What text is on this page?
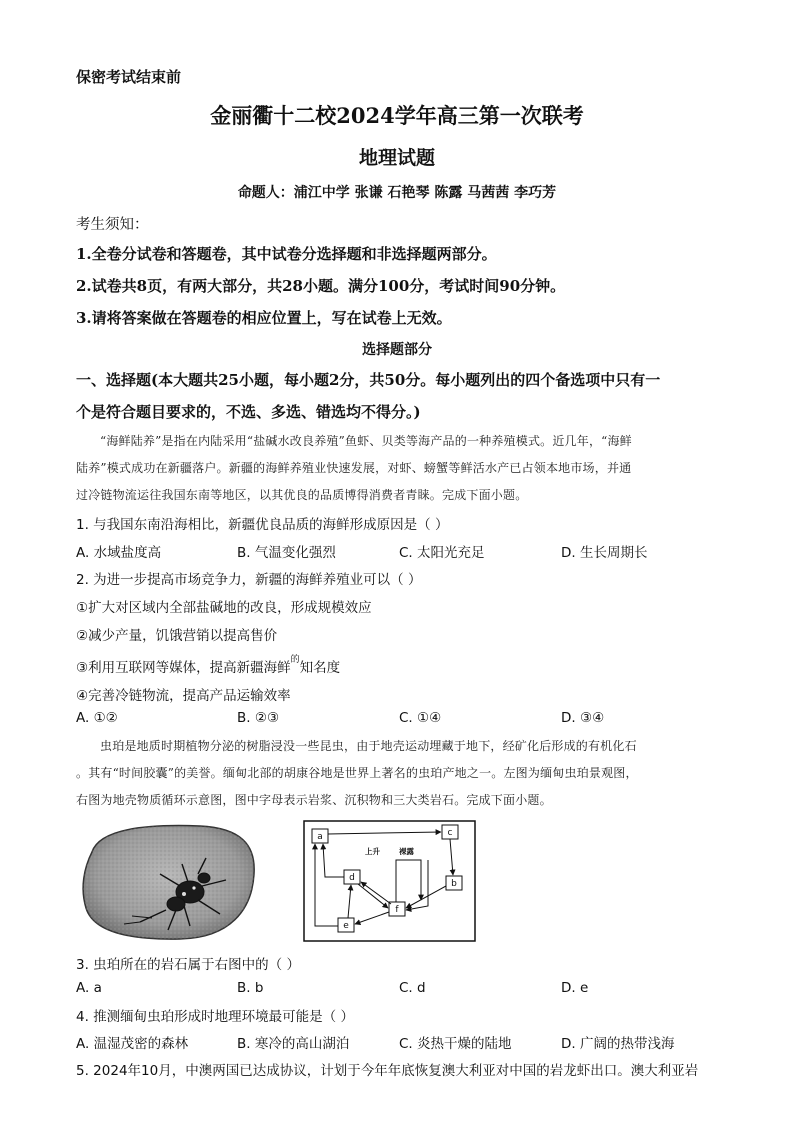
保密考试结束前
金丽衢十二校2024学年高三第一次联考
地理试题
命题人：浦江中学 张谦 石艳琴 陈露 马茜茜 李巧芳
考生须知：
1.全卷分试卷和答题卷，其中试卷分选择题和非选择题两部分。
2.试卷共8页，有两大部分，共28小题。满分100分，考试时间90分钟。
3.请将答案做在答题卷的相应位置上，写在试卷上无效。
选择题部分
一、选择题(本大题共25小题，每小题2分，共50分。每小题列出的四个备选项中只有一
个是符合题目要求的，不选、多选、错选均不得分。)
“海鲜陆养”是指在内陆采用“盐碱水改良养殖”鱼虾、贝类等海产品的一种养殖模式。近几年，“海鲜
陆养”模式成功在新疆落户。新疆的海鲜养殖业快速发展，对虾、螃蟹等鲜活水产已占领本地市场，并通
过冷链物流运往我国东南等地区，以其优良的品质博得消费者青睐。完成下面小题。
1. 与我国东南沿海相比，新疆优良品质的海鲜形成原因是（ ）
A. 水域盐度高	B. 气温变化强烈	C. 太阳光充足	D. 生长周期长
2. 为进一步提高市场竞争力，新疆的海鲜养殖业可以（ ）
①扩大对区域内全部盐碱地的改良，形成规模效应
②减少产量，饥饿营销以提高售价
③利用互联网等媒体，提高新疆海鲜$^的$知名度
④完善冷链物流，提高产品运输效率
A. ①②	B. ②③	C. ①④	D. ③④
虫珀是地质时期植物分泌的树脂浸没一些昆虫，由于地壳运动埋藏于地下，经矿化后形成的有机化石
。其有“时间胶囊”的美誉。缅甸北部的胡康谷地是世界上著名的虫珀产地之一。左图为缅甸虫珀景观图，
右图为地壳物质循环示意图，图中字母表示岩浆、沉积物和三大类岩石。完成下面小题。
a	c
d
b
f
e
上升	裸露
3. 虫珀所在的岩石属于右图中的（ ）
A. a	B. b	C. d	D. e
4. 推测缅甸虫珀形成时地理环境最可能是（ ）
A. 温湿茂密的森林	B. 寒冷的高山湖泊	C. 炎热干燥的陆地	D. 广阔的热带浅海
5. 2024年10月，中澳两国已达成协议，计划于今年年底恢复澳大利亚对中国的岩龙虾出口。澳大利亚岩
